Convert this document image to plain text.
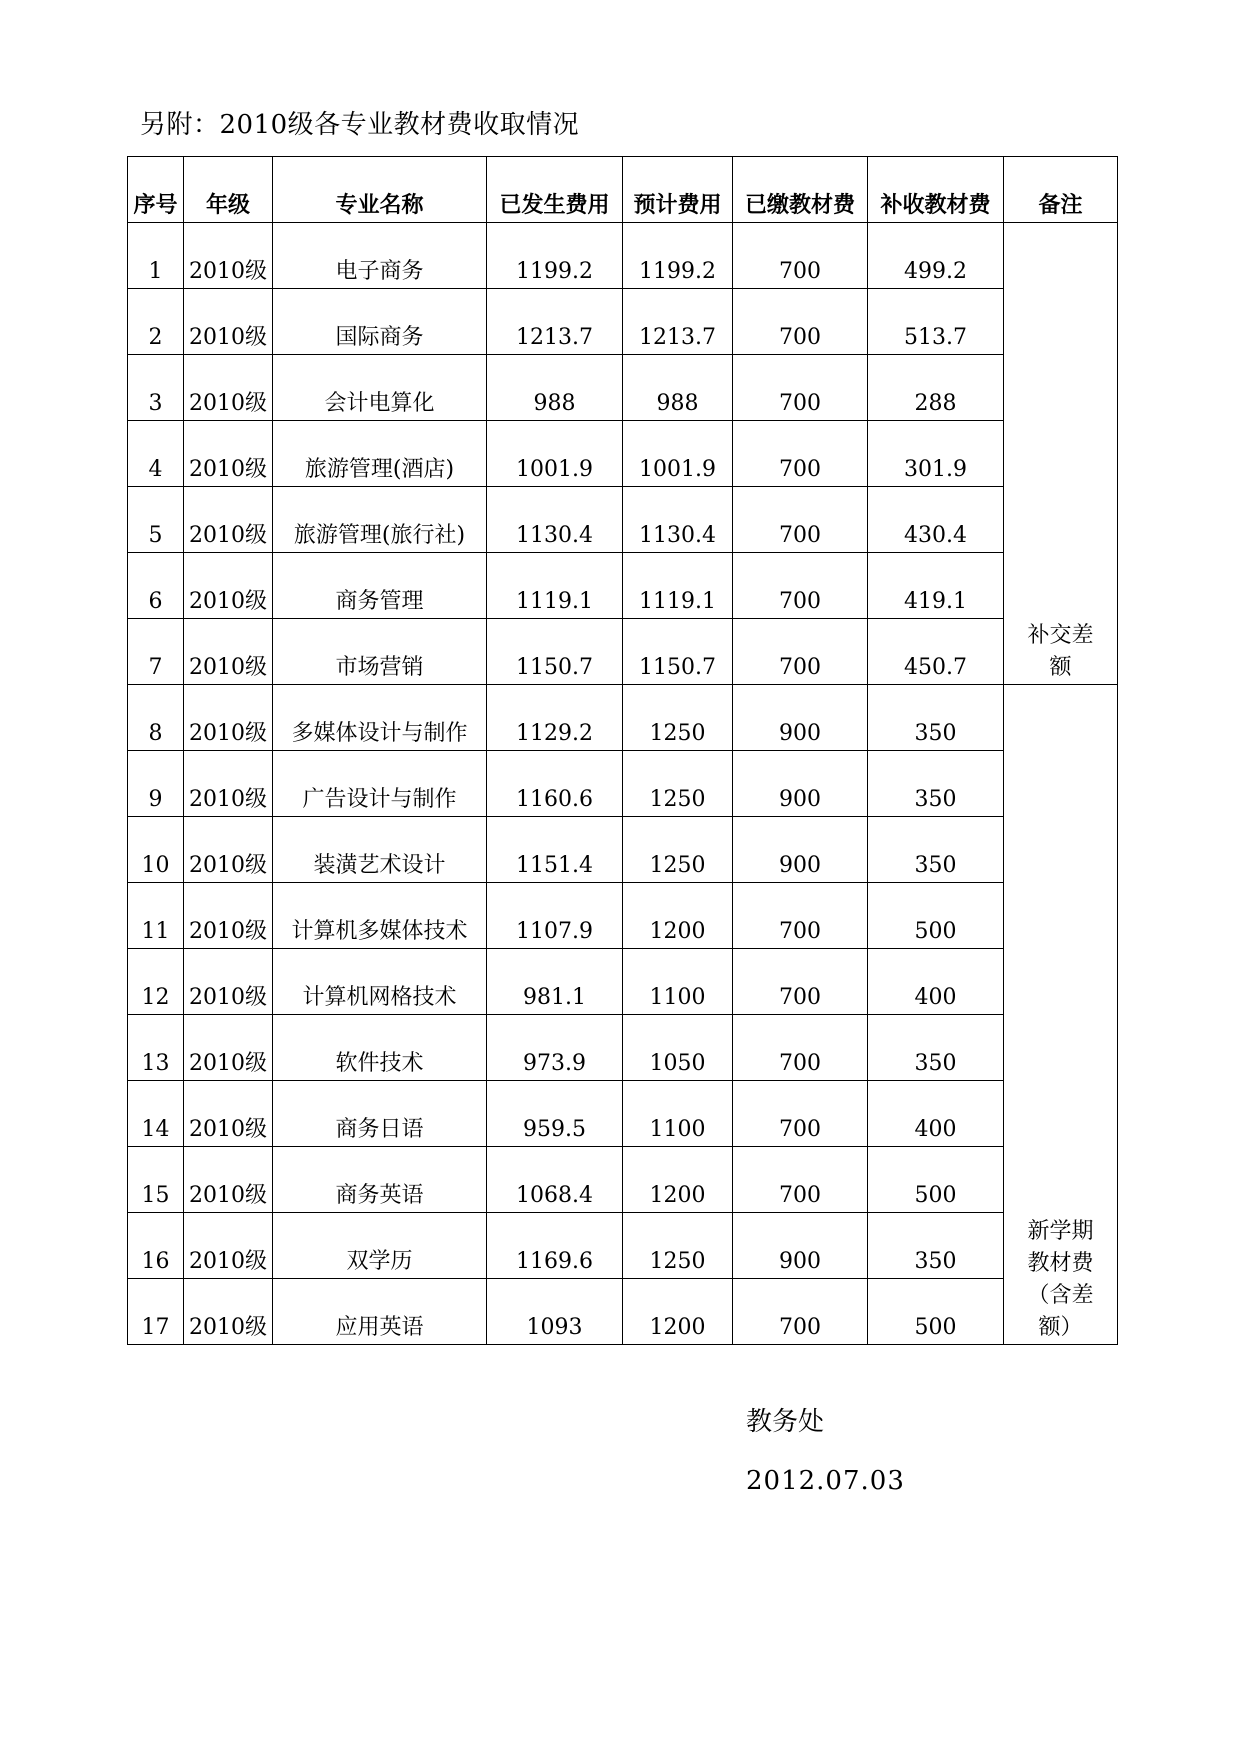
另附：2010级各专业教材费收取情况
序号	年级	专业名称	已发生费用	预计费用	已缴教材费	补收教材费	备注

1	2010级	电子商务	1199.2	1199.2	700	499.2	补交差额

2	2010级	国际商务	1213.7	1213.7	700	513.7	

3	2010级	会计电算化	988	988	700	288	

4	2010级	旅游管理(酒店)	1001.9	1001.9	700	301.9	

5	2010级	旅游管理(旅行社)	1130.4	1130.4	700	430.4	

6	2010级	商务管理	1119.1	1119.1	700	419.1	

7	2010级	市场营销	1150.7	1150.7	700	450.7	

8	2010级	多媒体设计与制作	1129.2	1250	900	350	新学期教材费（含差额）

9	2010级	广告设计与制作	1160.6	1250	900	350	

10	2010级	装潢艺术设计	1151.4	1250	900	350	

11	2010级	计算机多媒体技术	1107.9	1200	700	500	

12	2010级	计算机网格技术	981.1	1100	700	400	

13	2010级	软件技术	973.9	1050	700	350	

14	2010级	商务日语	959.5	1100	700	400	

15	2010级	商务英语	1068.4	1200	700	500	

16	2010级	双学历	1169.6	1250	900	350	

17	2010级	应用英语	1093	1200	700	500	
教务处
2012.07.03
